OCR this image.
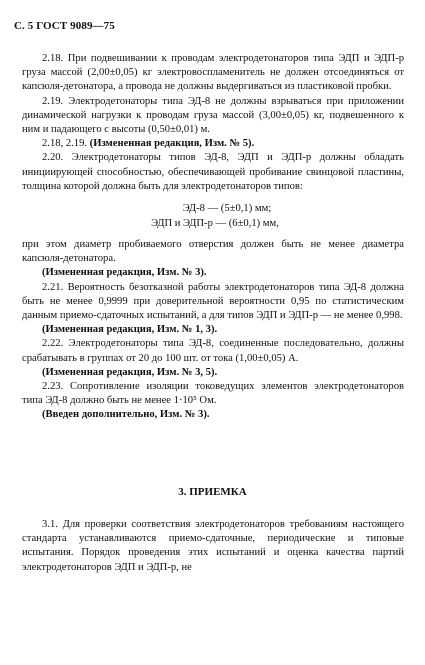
С. 5 ГОСТ 9089—75

2.18. При подвешивании к проводам электродетонаторов типа ЭДП и ЭДП-р груза массой (2,00±0,05) кг электровоспламенитель не должен отсоединяться от капсюля-детонатора, а провода не должны выдергиваться из пластиковой пробки.

2.19. Электродетонаторы типа ЭД-8 не должны взрываться при приложении динамической нагрузки к проводам груза массой (3,00±0,05) кг, подвешенного к ним и падающего с высоты (0,50±0,01) м.

2.18, 2.19. (Измененная редакция, Изм. № 5).

2.20. Электродетонаторы типов ЭД-8, ЭДП и ЭДП-р должны обладать инициирующей способностью, обеспечивающей пробивание свинцовой пластины, толщина которой должна быть для электродетонаторов типов:

ЭД-8 — (5±0,1) мм;
ЭДП и ЭДП-р — (6±0,1) мм,

при этом диаметр пробиваемого отверстия должен быть не менее диаметра капсюля-детонатора.

(Измененная редакция, Изм. № 3).

2.21. Вероятность безотказной работы электродетонаторов типа ЭД-8 должна быть не менее 0,9999 при доверительной вероятности 0,95 по статистическим данным приемо-сдаточных испытаний, а для типов ЭДП и ЭДП-р — не менее 0,998.

(Измененная редакция, Изм. № 1, 3).

2.22. Электродетонаторы типа ЭД-8, соединенные последовательно, должны срабатывать в группах от 20 до 100 шт. от тока (1,00±0,05) А.

(Измененная редакция, Изм. № 3, 5).

2.23. Сопротивление изоляции токоведущих элементов электродетонаторов типа ЭД-8 должно быть не менее 1·10⁵ Ом.

(Введен дополнительно, Изм. № 3).

3. ПРИЕМКА

3.1. Для проверки соответствия электродетонаторов требованиям настоящего стандарта устанавливаются приемо-сдаточные, периодические и типовые испытания. Порядок проведения этих испытаний и оценка качества партий электродетонаторов ЭДП и ЭДП-р, не
